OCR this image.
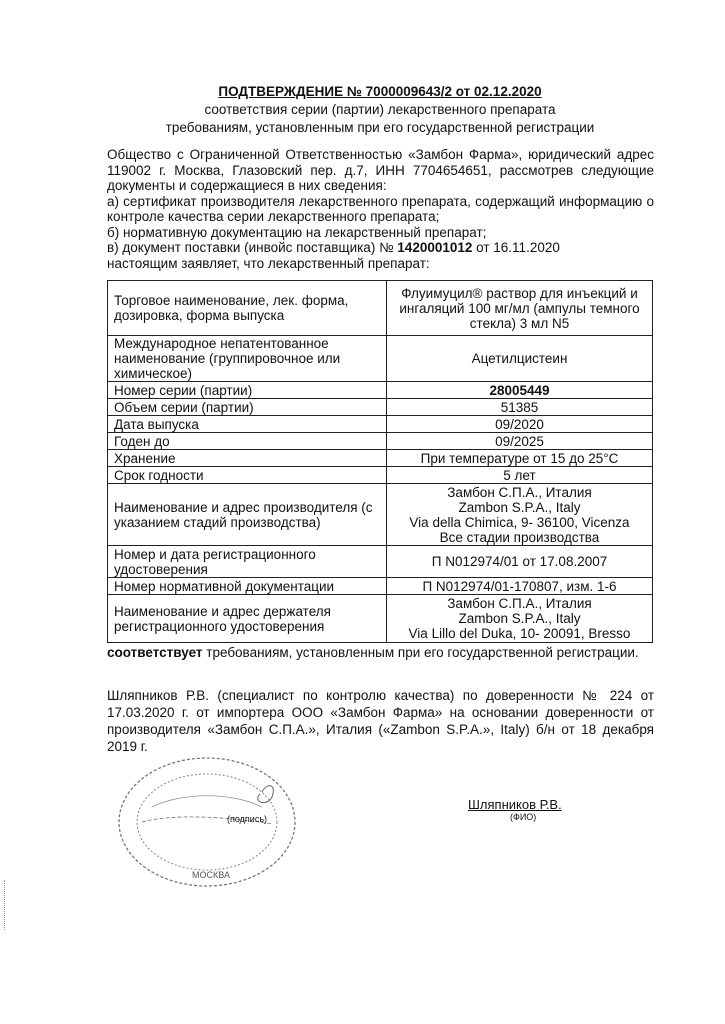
ПОДТВЕРЖДЕНИЕ № 7000009643/2 от 02.12.2020
соответствия серии (партии) лекарственного препарата
требованиям, установленным при его государственной регистрации

Общество с Ограниченной Ответственностью «Замбон Фарма», юридический адрес 119002 г. Москва, Глазовский пер. д.7, ИНН 7704654651, рассмотрев следующие документы и содержащиеся в них сведения:

а) сертификат производителя лекарственного препарата, содержащий информацию о контроле качества серии лекарственного препарата;

б) нормативную документацию на лекарственный препарат;

в) документ поставки (инвойс поставщика) № 1420001012 от 16.11.2020

настоящим заявляет, что лекарственный препарат:

Торговое наименование, лек. форма, дозировка, форма выпуска	Флуимуцил® раствор для инъекций и ингаляций 100 мг/мл (ампулы темного стекла) 3 мл N5
Международное непатентованное наименование (группировочное или химическое)	Ацетилцистеин
Номер серии (партии)	28005449
Объем серии (партии)	51385
Дата выпуска	09/2020
Годен до	09/2025
Хранение	При температуре от 15 до 25°С
Срок годности	5 лет
Наименование и адрес производителя (с указанием стадий производства)	Замбон С.П.А., Италия
Zambon S.P.A., Italy
Via della Chimica, 9- 36100, Vicenza
Все стадии производства

Номер и дата регистрационного удостоверения	П N012974/01 от 17.08.2007
Номер нормативной документации	П N012974/01-170807, изм. 1-6
Наименование и адрес держателя регистрационного удостоверения	Замбон С.П.А., Италия
Zambon S.P.A., Italy
Via Lillo del Duka, 10- 20091, Bresso
соответствует требованиям, установленным при его государственной регистрации.
Шляпников Р.В. (специалист по контролю качества) по доверенности № 224 от 17.03.2020 г. от импортера ООО «Замбон Фарма» на основании доверенности от производителя «Замбон С.П.А.», Италия («Zambon S.P.A.», Italy) б/н от 18 декабря 2019 г.
МОСКВА
(подпись)
Шляпников Р.В.
(ФИО)
